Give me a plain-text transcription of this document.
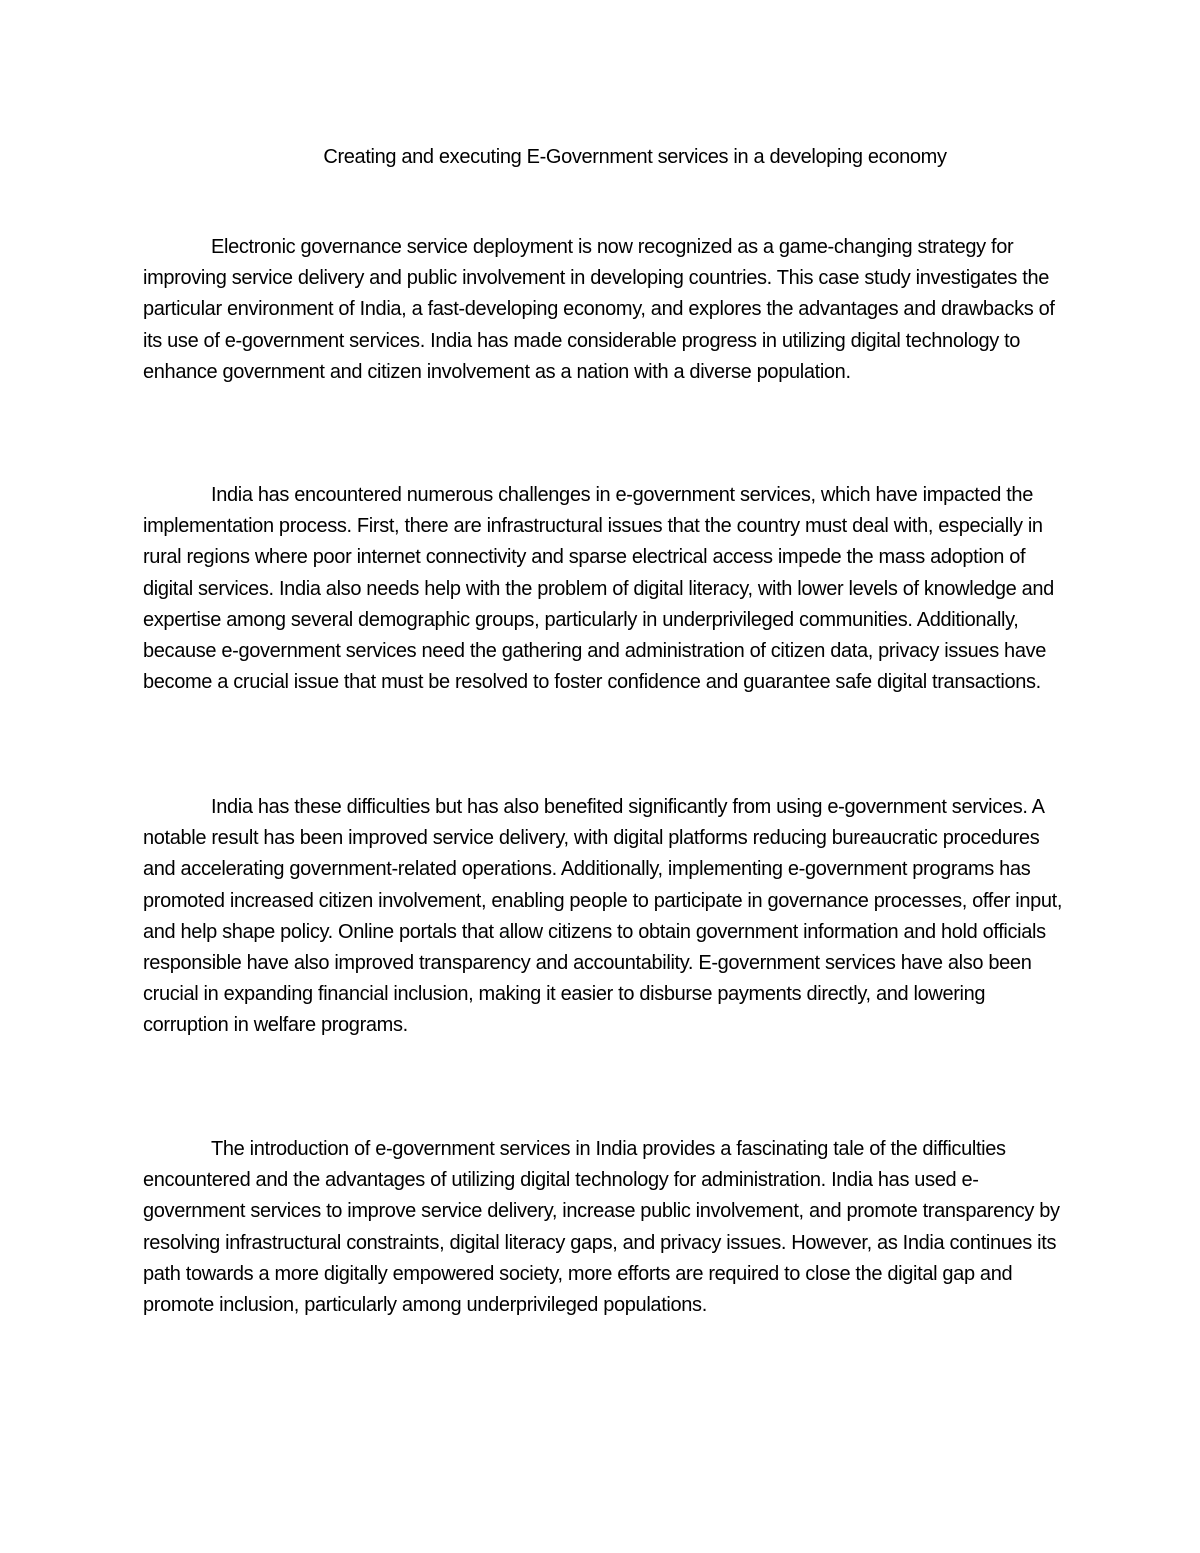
Creating and executing E-Government services in a developing economy

Electronic governance service deployment is now recognized as a game-changing strategy for improving service delivery and public involvement in developing countries. This case study investigates the particular environment of India, a fast-developing economy, and explores the advantages and drawbacks of its use of e-government services. India has made considerable progress in utilizing digital technology to enhance government and citizen involvement as a nation with a diverse population.

India has encountered numerous challenges in e-government services, which have impacted the implementation process. First, there are infrastructural issues that the country must deal with, especially in rural regions where poor internet connectivity and sparse electrical access impede the mass adoption of digital services. India also needs help with the problem of digital literacy, with lower levels of knowledge and expertise among several demographic groups, particularly in underprivileged communities. Additionally, because e-government services need the gathering and administration of citizen data, privacy issues have become a crucial issue that must be resolved to foster confidence and guarantee safe digital transactions.

India has these difficulties but has also benefited significantly from using e-government services. A notable result has been improved service delivery, with digital platforms reducing bureaucratic procedures and accelerating government-related operations. Additionally, implementing e-government programs has promoted increased citizen involvement, enabling people to participate in governance processes, offer input, and help shape policy. Online portals that allow citizens to obtain government information and hold officials responsible have also improved transparency and accountability. E-government services have also been crucial in expanding financial inclusion, making it easier to disburse payments directly, and lowering corruption in welfare programs.

The introduction of e-government services in India provides a fascinating tale of the difficulties encountered and the advantages of utilizing digital technology for administration. India has used e-government services to improve service delivery, increase public involvement, and promote transparency by resolving infrastructural constraints, digital literacy gaps, and privacy issues. However, as India continues its path towards a more digitally empowered society, more efforts are required to close the digital gap and promote inclusion, particularly among underprivileged populations.
